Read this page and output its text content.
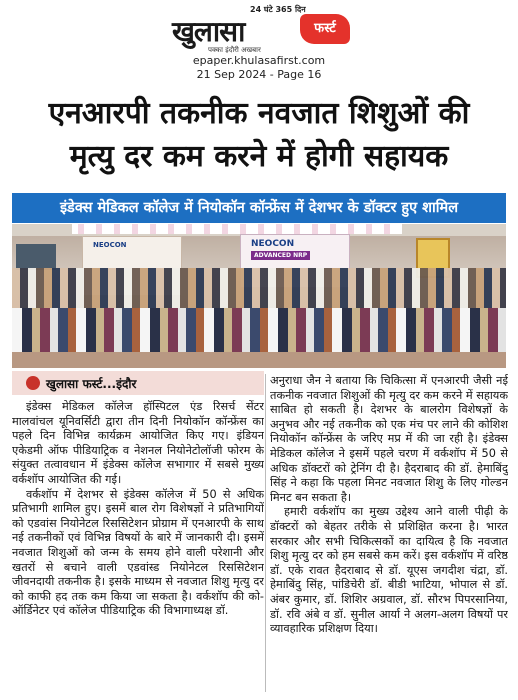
24 घंटे 365 दिन
खुलासा	फर्स्ट
पक्का इंदौरी अखबार
epaper.khulasafirst.com
21 Sep 2024 - Page 16
एनआरपी तकनीक नवजात शिशुओं की
मृत्यु दर कम करने में होगी सहायक
इंडेक्स मेडिकल कॉलेज में नियोकॉन कॉन्फ्रेंस में देशभर के डॉक्टर हुए शामिल
NEOCON	NEOCON
ADVANCED NRP
खुलासा फर्स्ट...इंदौर

इंडेक्स मेडिकल कॉलेज हॉस्पिटल एंड रिसर्च सेंटर मालवांचल यूनिवर्सिटी द्वारा तीन दिनी नियोकॉन कॉन्फ्रेंस का पहले दिन विभिन्न कार्यक्रम आयोजित किए गए। इंडियन एकेडमी ऑफ पीडियाट्रिक व नेशनल नियोनेटोलॉजी फोरम के संयुक्त तत्वावधान में इंडेक्स कॉलेज सभागार में सबसे मुख्य वर्कशॉप आयोजित की गई।

वर्कशॉप में देशभर से इंडेक्स कॉलेज में 50 से अधिक प्रतिभागी शामिल हुए। इसमें बाल रोग विशेषज्ञों ने प्रतिभागियों को एडवांस नियोनेटल रिससिटेशन प्रोग्राम में एनआरपी के साथ नई तकनीकों एवं विभिन्न विषयों के बारे में जानकारी दी। इसमें नवजात शिशुओं को जन्म के समय होने वाली परेशानी और खतरों से बचाने वाली एडवांस्ड नियोनेटल रिससिटेशन जीवनदायी तकनीक है। इसके माध्यम से नवजात शिशु मृत्यु दर को काफी हद तक कम किया जा सकता है। वर्कशॉप की को-ऑर्डिनेटर एवं कॉलेज पीडियाट्रिक की विभागाध्यक्ष डॉ.

अनुराधा जैन ने बताया कि चिकित्सा में एनआरपी जैसी नई तकनीक नवजात शिशुओं की मृत्यु दर कम करने में सहायक साबित हो सकती है। देशभर के बालरोग विशेषज्ञों के अनुभव और नई तकनीक को एक मंच पर लाने की कोशिश नियोकॉन कॉन्फ्रेंस के जरिए मप्र में की जा रही है। इंडेक्स मेडिकल कॉलेज ने इसमें पहले चरण में वर्कशॉप में 50 से अधिक डॉक्टरों को ट्रेनिंग दी है। हैदराबाद की डॉ. हेमाबिंदु सिंह ने कहा कि पहला मिनट नवजात शिशु के लिए गोल्डन मिनट बन सकता है।

हमारी वर्कशॉप का मुख्य उद्देश्य आने वाली पीढ़ी के डॉक्टरों को बेहतर तरीके से प्रशिक्षित करना है। भारत सरकार और सभी चिकित्सकों का दायित्व है कि नवजात शिशु मृत्यु दर को हम सबसे कम करें। इस वर्कशॉप में वरिष्ठ डॉ. एके रावत हैदराबाद से डॉ. यूएस जगदीश चंद्रा, डॉ. हेमाबिंदु सिंह, पांडिचेरी डॉ. बीडी भाटिया, भोपाल से डॉ. अंबर कुमार, डॉ. शिशिर अग्रवाल, डॉ. सौरभ पिपरसानिया, डॉ. रवि अंबे व डॉ. सुनील आर्या ने अलग-अलग विषयों पर व्यावहारिक प्रशिक्षण दिया।
